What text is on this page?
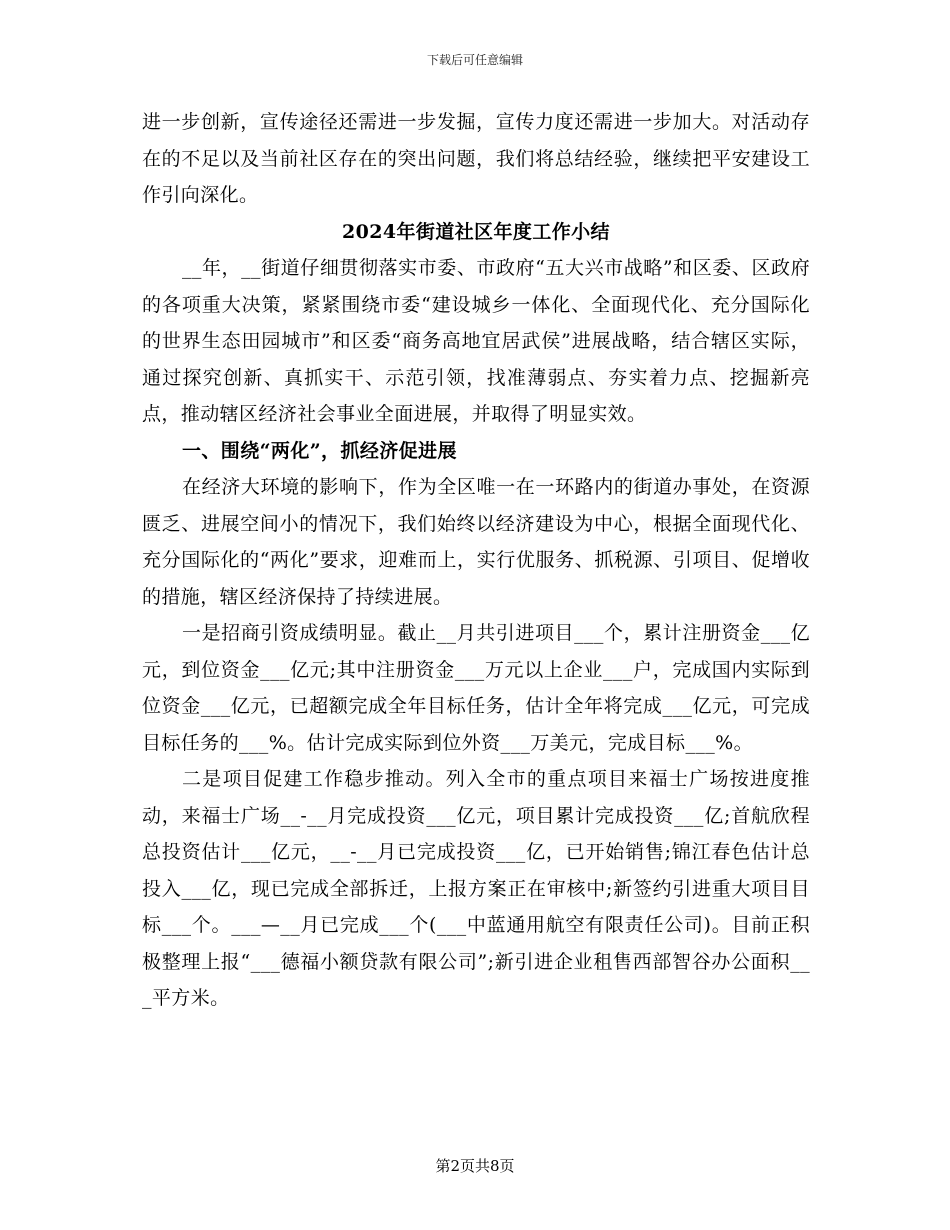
下载后可任意编辑

进一步创新，宣传途径还需进一步发掘，宣传力度还需进一步加大。对活动存在的不足以及当前社区存在的突出问题，我们将总结经验，继续把平安建设工作引向深化。

2024年街道社区年度工作小结

__年，__街道仔细贯彻落实市委、市政府“五大兴市战略”和区委、区政府的各项重大决策，紧紧围绕市委“建设城乡一体化、全面现代化、充分国际化的世界生态田园城市”和区委“商务高地宜居武侯”进展战略，结合辖区实际，通过探究创新、真抓实干、示范引领，找准薄弱点、夯实着力点、挖掘新亮点，推动辖区经济社会事业全面进展，并取得了明显实效。

一、围绕“两化”，抓经济促进展

在经济大环境的影响下，作为全区唯一在一环路内的街道办事处，在资源匮乏、进展空间小的情况下，我们始终以经济建设为中心，根据全面现代化、充分国际化的“两化”要求，迎难而上，实行优服务、抓税源、引项目、促增收的措施，辖区经济保持了持续进展。

一是招商引资成绩明显。截止__月共引进项目___个，累计注册资金___亿元，到位资金___亿元;其中注册资金___万元以上企业___户，完成国内实际到位资金___亿元，已超额完成全年目标任务，估计全年将完成___亿元，可完成目标任务的___%。估计完成实际到位外资___万美元，完成目标___%。

二是项目促建工作稳步推动。列入全市的重点项目来福士广场按进度推动，来福士广场__-__月完成投资___亿元，项目累计完成投资___亿;首航欣程总投资估计___亿元，__-__月已完成投资___亿，已开始销售;锦江春色估计总投入___亿，现已完成全部拆迁，上报方案正在审核中;新签约引进重大项目目标___个。___—__月已完成___个(___中蓝通用航空有限责任公司)。目前正积极整理上报“___德福小额贷款有限公司”;新引进企业租售西部智谷办公面积___平方米。

第2页共8页
